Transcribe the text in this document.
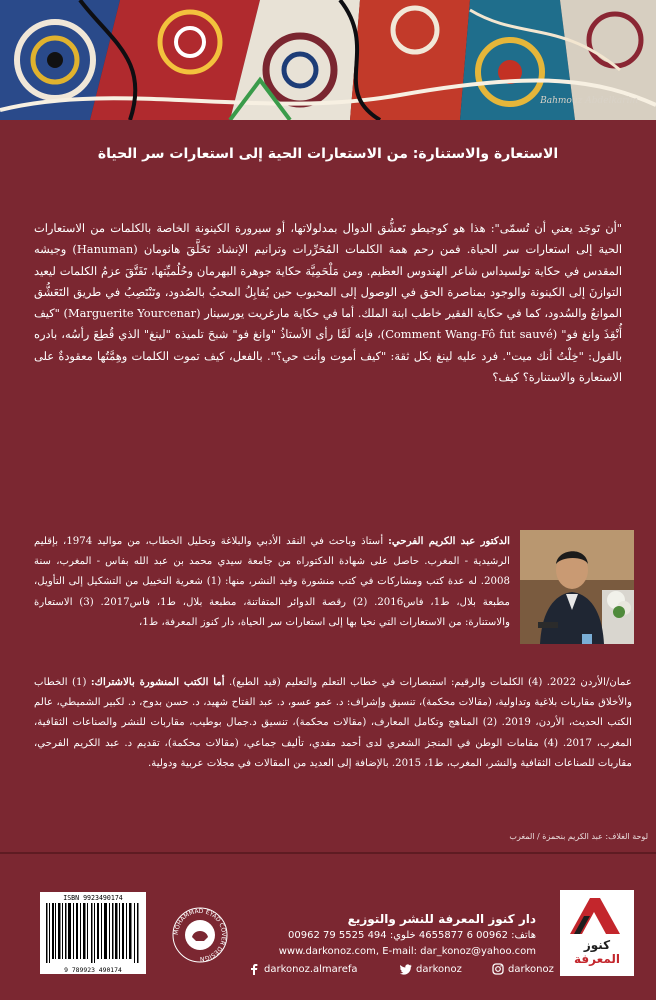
Bahmouz Abdelkarim
الاستعارة والاستنارة: من الاستعارات الحية إلى استعارات سر الحياة
"أن تَوجَد يعني أن تُسمّى": هذا هو كوجيطو تَعشُّق الدوال بمدلولاتها، أو سيرورة الكينونة الخاصة بالكلمات من الاستعارات الحية إلى استعارات سر الحياة. فمن رحم همة الكلمات المُحَرِّرات وترانيم الإنشاد تَخَلَّقَ هانومان (Hanuman) وجيشه المقدس في حكاية تولسيداس شاعر الهندوس العظيم. ومن مَلْحَمِيَّة حكاية جوهرة البهرمان وحُلُميِّتها، تَفَتَّقَ عزمُ الكلمات ليعيد التوازنَ إلى الكينونة والوجود بمناصرة الحق في الوصول إلى المحبوب حين يُقابِلُ المحبُ بالصُدود، وتَنْتَصِبُ في طريق التَعَشُّق الموانعُ والسُدود، كما في حكاية الفقير خاطب ابنة الملك. أما في حكاية مارغريت يورسينار (Marguerite Yourcenar) "كيف أُنْقِذَ وانغ فو" (Comment Wang-Fô fut sauvé)، فإنه لَمَّا رأى الأستاذُ "وانغ فو" شبحَ تلميذه "لينغ" الذي قُطِعَ رأسُه، بادره بالقول: "خِلْتُ أنك ميت". فرد عليه لينغ بكل ثقة: "كيف أموت وأنت حي؟". بالفعل، كيف تموت الكلمات وهِمَّتُها معقودةٌ على الاستعارة والاستنارة؟ كيف؟
الدكتور عبد الكريم الفرحي: أستاذ وباحث في النقد الأدبي والبلاغة وتحليل الخطاب، من مواليد 1974، بإقليم الرشيدية - المغرب. حاصل على شهادة الدكتوراه من جامعة سيدي محمد بن عبد الله بفاس - المغرب، سنة 2008. له عدة كتب ومشاركات في كتب منشورة وقيد النشر، منها: (1) شعرية التخييل من التشكيل إلى التأويل، مطبعة بلال، ط1، فاس2016. (2) رقصة الدوائر المتفاتنة، مطبعة بلال، ط1، فاس2017. (3) الاستعارة والاستنارة: من الاستعارات التي نحيا بها إلى استعارات سر الحياة، دار كنوز المعرفة، ط1،
عمان/الأردن 2022. (4) الكلمات والرقيم: استبصارات في خطاب التعلم والتعليم (قيد الطبع). أما الكتب المنشورة بالاشتراك: (1) الخطاب والأخلاق مقاربات بلاغية وتداولية، (مقالات محكمة)، تنسيق وإشراف: د. عمو عسو، د. عبد الفتاح شهيد، د. حسن بدوح، د. لكبير الشميطي، عالم الكتب الحديث، الأردن، 2019. (2) المناهج وتكامل المعارف، (مقالات محكمة)، تنسيق د.جمال بوطيب، مقاربات للنشر والصناعات الثقافية، المغرب، 2017. (4) مقامات الوطن في المنجز الشعري لدى أحمد مفدي، تأليف جماعي، (مقالات محكمة)، تقديم د. عبد الكريم الفرحي، مقاربات للصناعات الثقافية والنشر، المغرب، ط1، 2015. بالإضافة إلى العديد من المقالات في مجلات عربية ودولية.
لوحة الغلاف: عبد الكريم بنحمزة / المغرب
ISBN 9923490174
9 789923 490174
MOHAMMAD EYAD COVER DESIGN
دار كنوز المعرفة للنشر والتوزيع
هاتف: 00962 6 4655877 خلوي: 494 5525 79 00962
www.darkonoz.com, E-mail: dar_konoz@yahoo.com
darkonoz.almarefa	darkonoz	darkonoz
كنوز
المعرفة
